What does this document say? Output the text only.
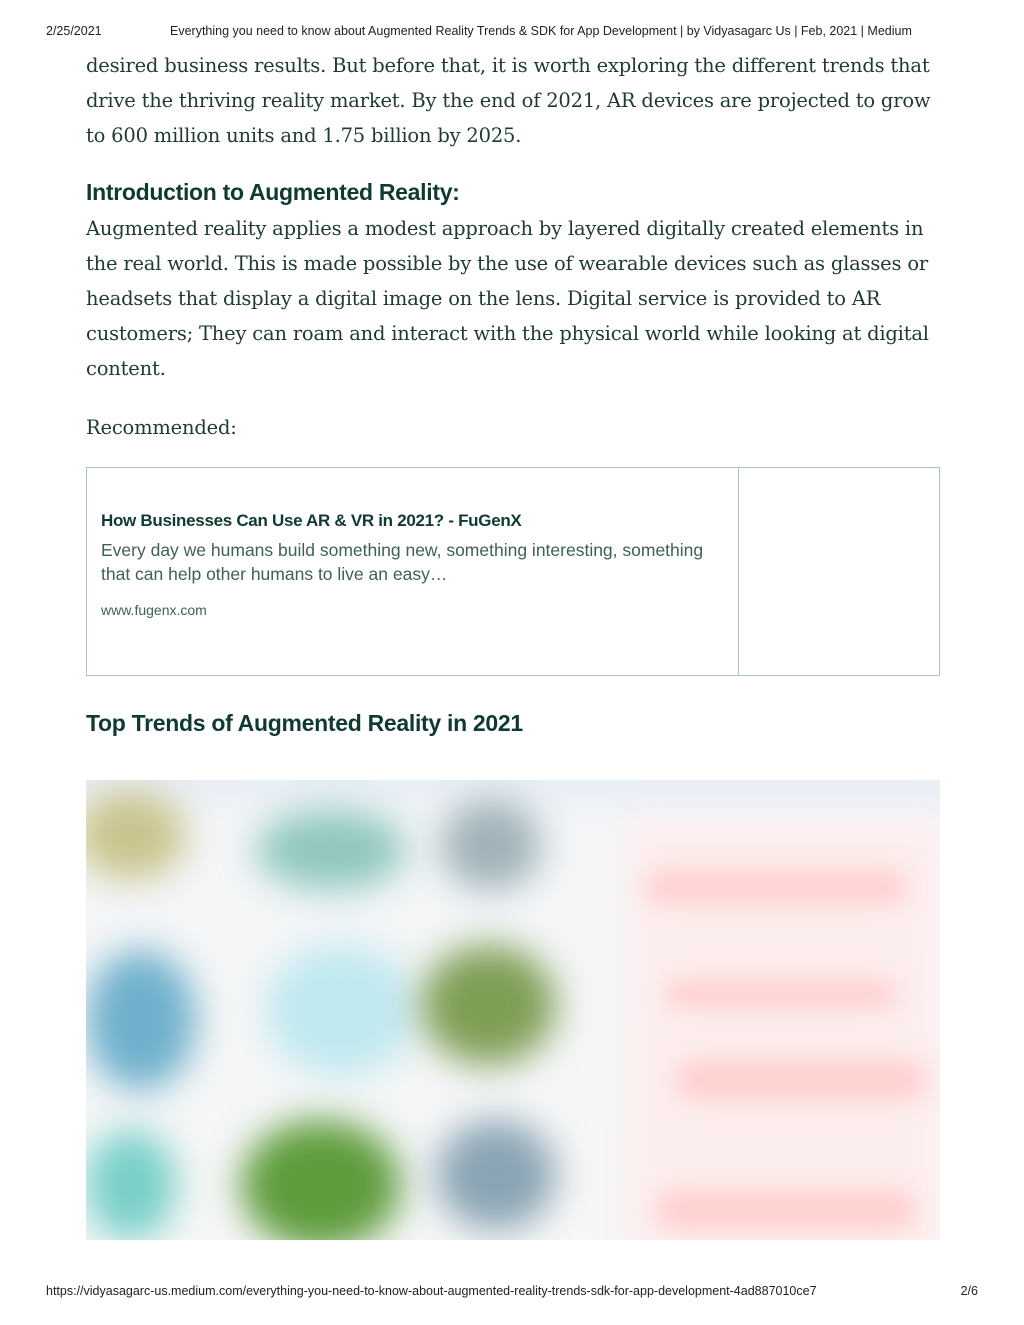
2/25/2021	Everything you need to know about Augmented Reality Trends & SDK for App Development | by Vidyasagarc Us | Feb, 2021 | Medium

desired business results. But before that, it is worth exploring the different trends that drive the thriving reality market. By the end of 2021, AR devices are projected to grow to 600 million units and 1.75 billion by 2025.

Introduction to Augmented Reality:

Augmented reality applies a modest approach by layered digitally created elements in the real world. This is made possible by the use of wearable devices such as glasses or headsets that display a digital image on the lens. Digital service is provided to AR customers; They can roam and interact with the physical world while looking at digital content.

Recommended:

How Businesses Can Use AR & VR in 2021? - FuGenX
Every day we humans build something new, something interesting, something that can help other humans to live an easy…
www.fugenx.com
Top Trends of Augmented Reality in 2021
https://vidyasagarc-us.medium.com/everything-you-need-to-know-about-augmented-reality-trends-sdk-for-app-development-4ad887010ce7	2/6
